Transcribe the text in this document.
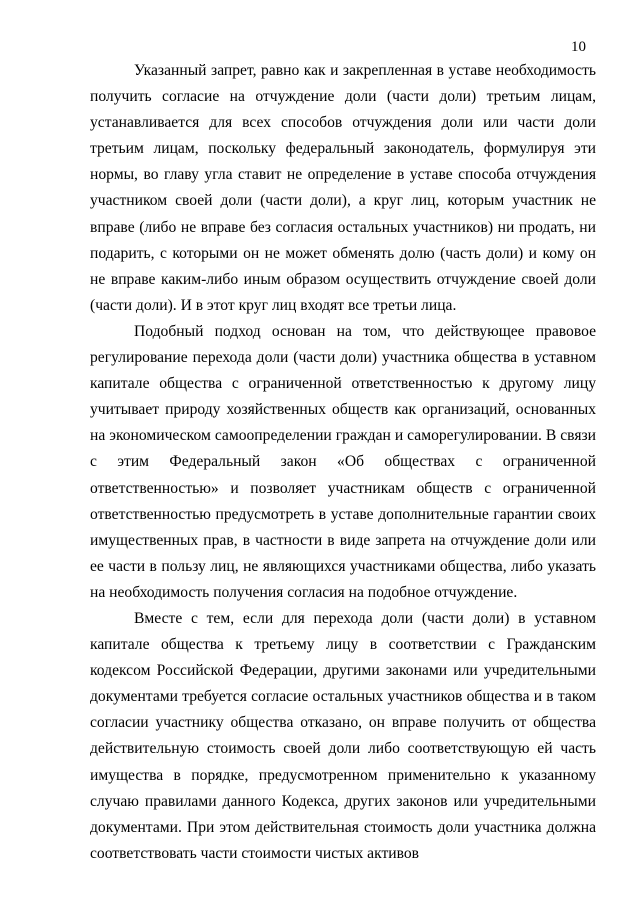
10

Указанный запрет, равно как и закрепленная в уставе необходимость получить согласие на отчуждение доли (части доли) третьим лицам, устанавливается для всех способов отчуждения доли или части доли третьим лицам, поскольку федеральный законодатель, формулируя эти нормы, во главу угла ставит не определение в уставе способа отчуждения участником своей доли (части доли), а круг лиц, которым участник не вправе (либо не вправе без согласия остальных участников) ни продать, ни подарить, с которыми он не может обменять долю (часть доли) и кому он не вправе каким-либо иным образом осуществить отчуждение своей доли (части доли). И в этот круг лиц входят все третьи лица.

Подобный подход основан на том, что действующее правовое регулирование перехода доли (части доли) участника общества в уставном капитале общества с ограниченной ответственностью к другому лицу учитывает природу хозяйственных обществ как организаций, основанных на экономическом самоопределении граждан и саморегулировании. В связи с этим Федеральный закон «Об обществах с ограниченной ответственностью» и позволяет участникам обществ с ограниченной ответственностью предусмотреть в уставе дополнительные гарантии своих имущественных прав, в частности в виде запрета на отчуждение доли или ее части в пользу лиц, не являющихся участниками общества, либо указать на необходимость получения согласия на подобное отчуждение.

Вместе с тем, если для перехода доли (части доли) в уставном капитале общества к третьему лицу в соответствии с Гражданским кодексом Российской Федерации, другими законами или учредительными документами требуется согласие остальных участников общества и в таком согласии участнику общества отказано, он вправе получить от общества действительную стоимость своей доли либо соответствующую ей часть имущества в порядке, предусмотренном применительно к указанному случаю правилами данного Кодекса, других законов или учредительными документами. При этом действительная стоимость доли участника должна соответствовать части стоимости чистых активов
